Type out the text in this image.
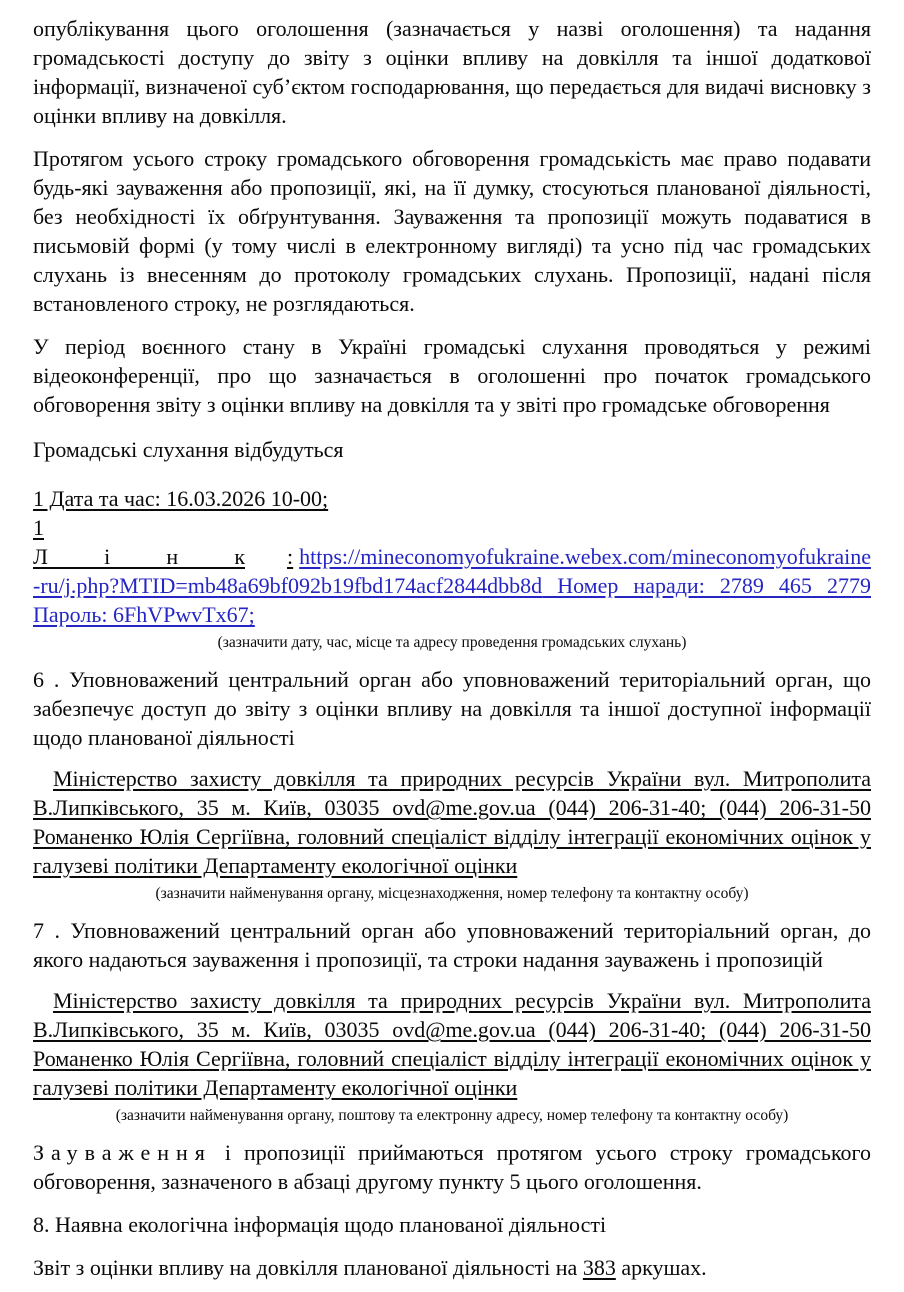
опублікування цього оголошення (зазначається у назві оголошення) та надання громадськості доступу до звіту з оцінки впливу на довкілля та іншої додаткової інформації, визначеної суб’єктом господарювання, що передається для видачі висновку з оцінки впливу на довкілля.

Протягом усього строку громадського обговорення громадськість має право подавати будь-які зауваження або пропозиції, які, на її думку, стосуються планованої діяльності, без необхідності їх обґрунтування. Зауваження та пропозиції можуть подаватися в письмовій формі (у тому числі в електронному вигляді) та усно під час громадських слухань із внесенням до протоколу громадських слухань. Пропозиції, надані після встановленого строку, не розглядаються.

У період воєнного стану в Україні громадські слухання проводяться у режимі відеоконференції, про що зазначається в оголошенні про початок громадського обговорення звіту з оцінки впливу на довкілля та у звіті про громадське обговорення

Громадські слухання відбудуться

1 Дата та час: 16.03.2026 10-00;

1

Л і н к : https://mineconomyofukraine.webex.com/mineconomyofukraine-ru/j.php?MTID=mb48a69bf092b19fbd174acf2844dbb8d Номер наради: 2789 465 2779 Пароль: 6FhVPwvTx67;

(зазначити дату, час, місце та адресу проведення громадських слухань)

6 . Уповноважений центральний орган або уповноважений територіальний орган, що забезпечує доступ до звіту з оцінки впливу на довкілля та іншої доступної інформації щодо планованої діяльності

Міністерство захисту довкілля та природних ресурсів України вул. Митрополита В.Липківського, 35 м. Київ, 03035 ovd@me.gov.ua (044) 206-31-40; (044) 206-31-50 Романенко Юлія Сергіївна, головний спеціаліст відділу інтеграції економічних оцінок у галузеві політики Департаменту екологічної оцінки

(зазначити найменування органу, місцезнаходження, номер телефону та контактну особу)

7 . Уповноважений центральний орган або уповноважений територіальний орган, до якого надаються зауваження і пропозиції, та строки надання зауважень і пропозицій

Міністерство захисту довкілля та природних ресурсів України вул. Митрополита В.Липківського, 35 м. Київ, 03035 ovd@me.gov.ua (044) 206-31-40; (044) 206-31-50 Романенко Юлія Сергіївна, головний спеціаліст відділу інтеграції економічних оцінок у галузеві політики Департаменту екологічної оцінки

(зазначити найменування органу, поштову та електронну адресу, номер телефону та контактну особу)

Зауваження і пропозиції приймаються протягом усього строку громадського обговорення, зазначеного в абзаці другому пункту 5 цього оголошення.

8. Наявна екологічна інформація щодо планованої діяльності

Звіт з оцінки впливу на довкілля планованої діяльності на 383 аркушах.
